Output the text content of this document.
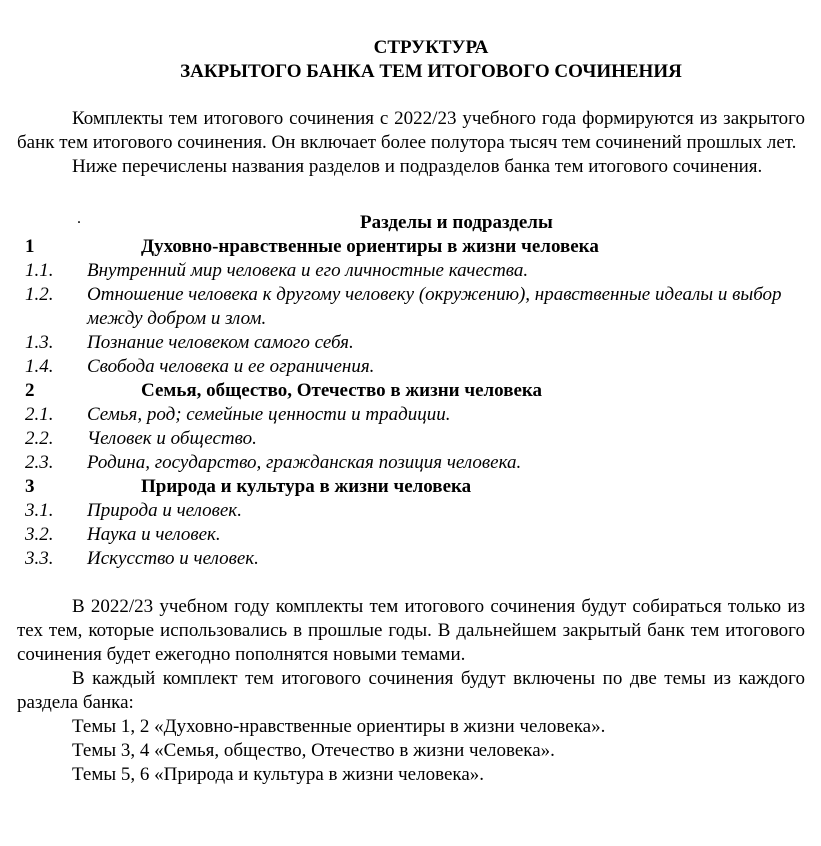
СТРУКТУРА
ЗАКРЫТОГО БАНКА ТЕМ ИТОГОВОГО СОЧИНЕНИЯ

Комплекты тем итогового сочинения с 2022/23 учебного года формируются из закрытого банк тем итогового сочинения. Он включает более полутора тысяч тем сочинений прошлых лет.

Ниже перечислены названия разделов и подразделов банка тем итогового сочинения.

.	Разделы и подразделы
1	Духовно-нравственные ориентиры в жизни человека
1.1.	Внутренний мир человека и его личностные качества.
1.2.	Отношение человека к другому человеку (окружению), нравственные идеалы и выбор между добром и злом.
1.3.	Познание человеком самого себя.
1.4.	Свобода человека и ее ограничения.
2	Семья, общество, Отечество в жизни человека
2.1.	Семья, род; семейные ценности и традиции.
2.2.	Человек и общество.
2.3.	Родина, государство, гражданская позиция человека.
3	Природа и культура в жизни человека
3.1.	Природа и человек.
3.2.	Наука и человек.
3.3.	Искусство и человек.

В 2022/23 учебном году комплекты тем итогового сочинения будут собираться только из тех тем, которые использовались в прошлые годы. В дальнейшем закрытый банк тем итогового сочинения будет ежегодно пополнятся новыми темами.

В каждый комплект тем итогового сочинения будут включены по две темы из каждого раздела банка:

Темы 1, 2 «Духовно-нравственные ориентиры в жизни человека».

Темы 3, 4 «Семья, общество, Отечество в жизни человека».

Темы 5, 6 «Природа и культура в жизни человека».
